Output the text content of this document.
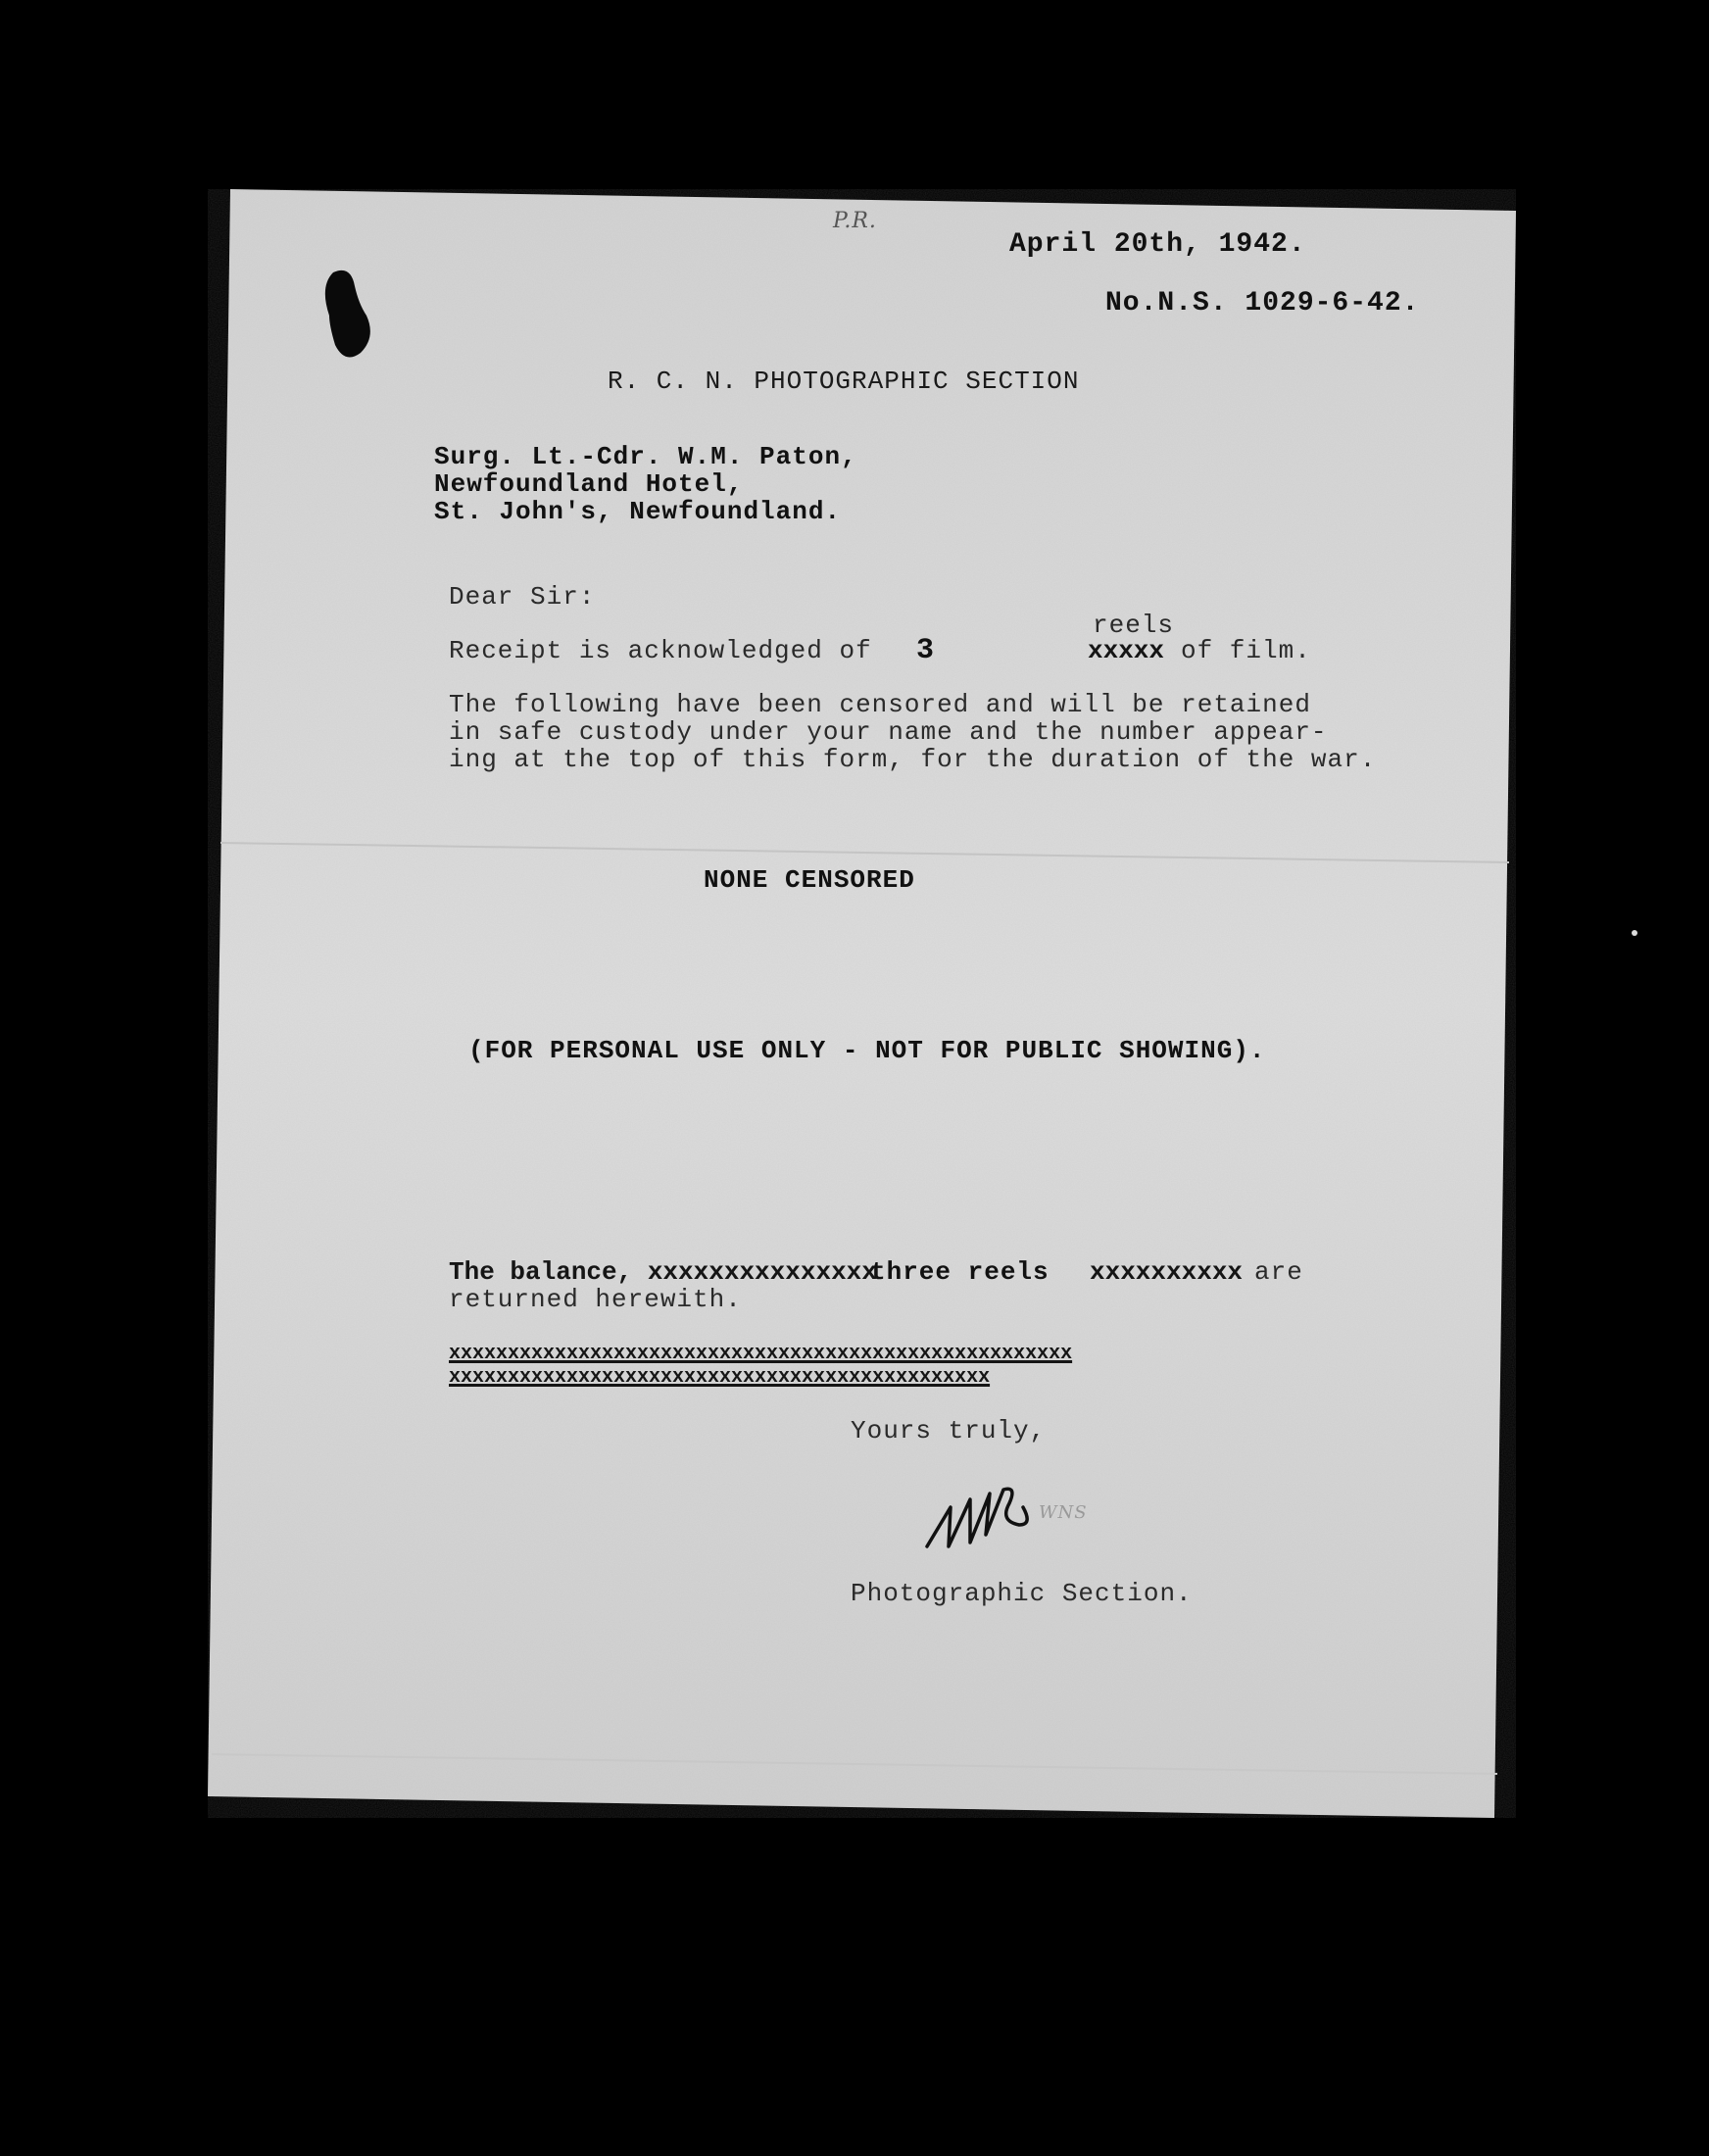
P.R.
April 20th, 1942.
No.N.S. 1029-6-42.
R. C. N. PHOTOGRAPHIC SECTION
Surg. Lt.-Cdr. W.M. Paton,
Newfoundland Hotel,
St. John's, Newfoundland.
Dear Sir:
reels
Receipt is acknowledged of 3	xxxxx of film.
The following have been censored and will be retained
in safe custody under your name and the number appear-
ing at the top of this form, for the duration of the war.
NONE CENSORED
(FOR PERSONAL USE ONLY - NOT FOR PUBLIC SHOWING).
The balance, xxxxxxxxxxxxxxx
three reels xxxxxxxxxx are
returned herewith.
xxxxxxxxxxxxxxxxxxxxxxxxxxxxxxxxxxxxxxxxxxxxxxxxxxxxx
xxxxxxxxxxxxxxxxxxxxxxxxxxxxxxxxxxxxxxxxxxxxxx
Yours truly,
WNS
Photographic Section.
